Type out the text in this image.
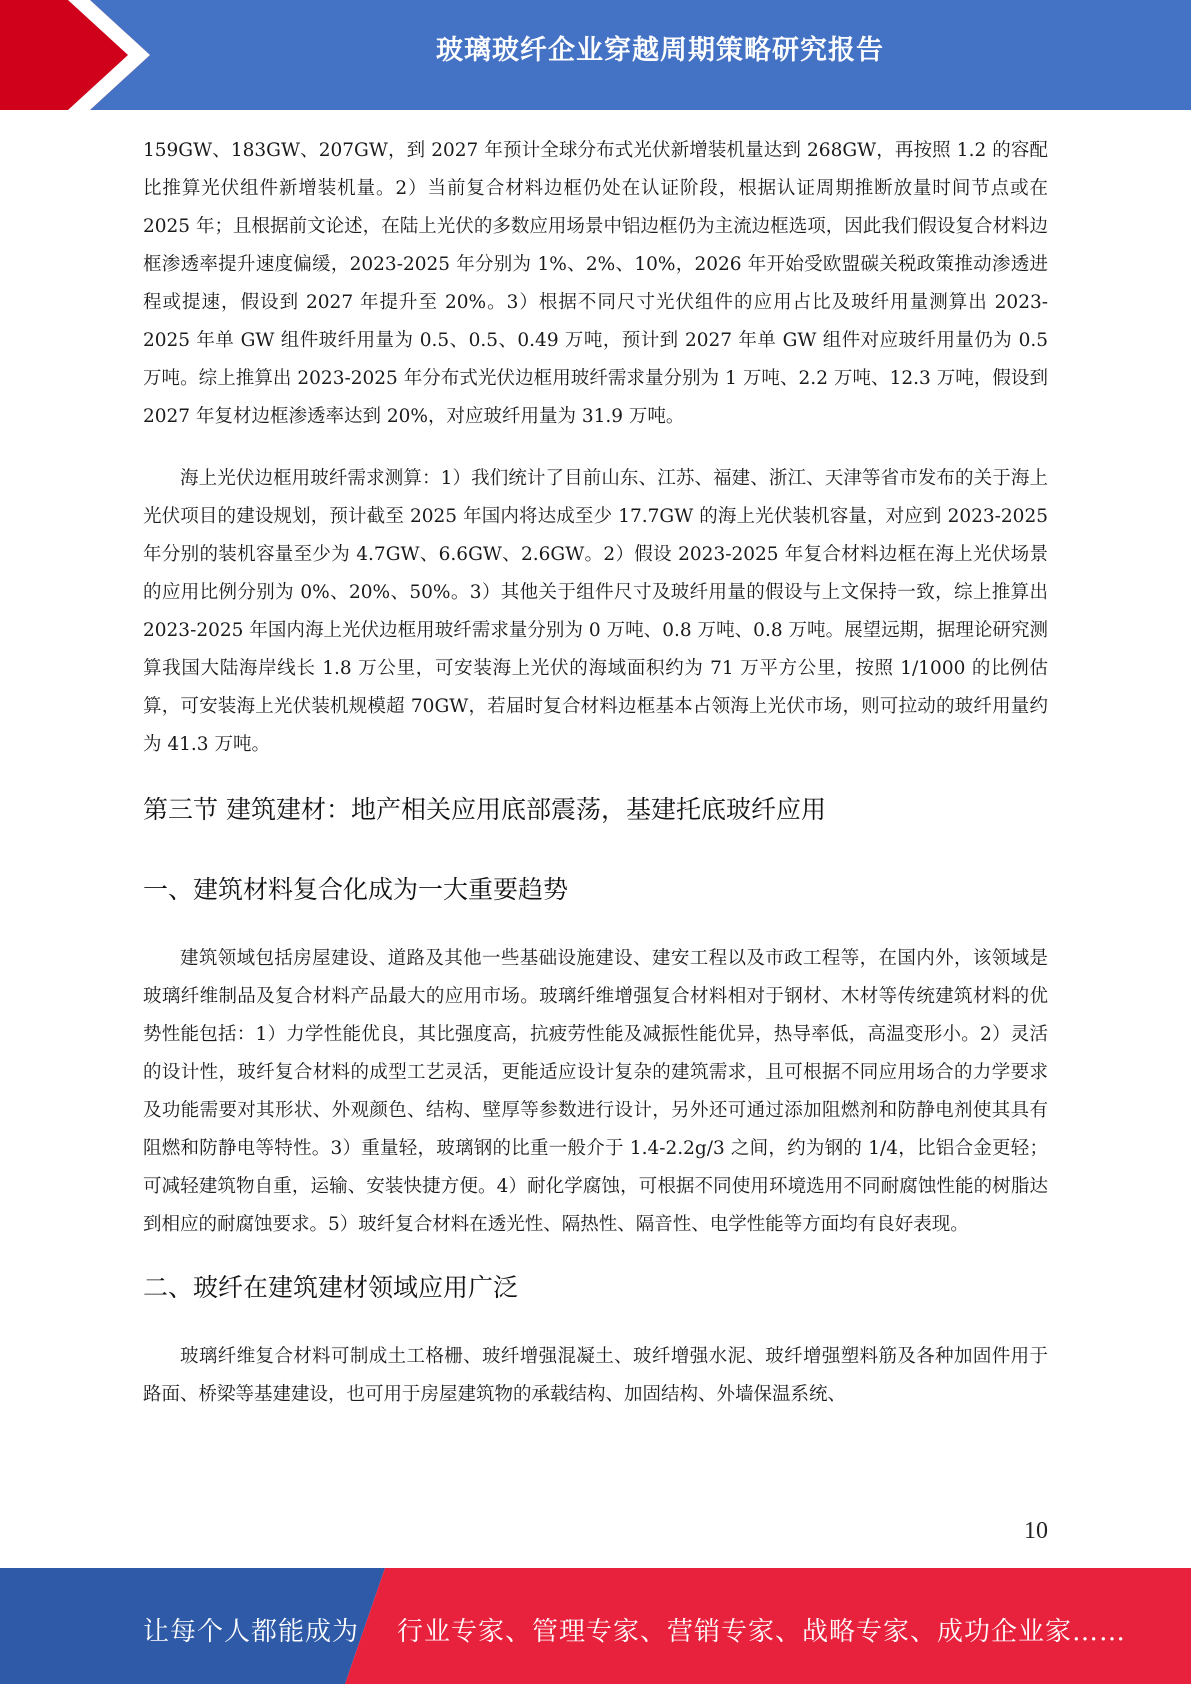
玻璃玻纤企业穿越周期策略研究报告

159GW、183GW、207GW，到 2027 年预计全球分布式光伏新增装机量达到 268GW，再按照 1.2 的容配比推算光伏组件新增装机量。2）当前复合材料边框仍处在认证阶段，根据认证周期推断放量时间节点或在 2025 年；且根据前文论述，在陆上光伏的多数应用场景中铝边框仍为主流边框选项，因此我们假设复合材料边框渗透率提升速度偏缓，2023-2025 年分别为 1%、2%、10%，2026 年开始受欧盟碳关税政策推动渗透进程或提速，假设到 2027 年提升至 20%。3）根据不同尺寸光伏组件的应用占比及玻纤用量测算出 2023-2025 年单 GW 组件玻纤用量为 0.5、0.5、0.49 万吨，预计到 2027 年单 GW 组件对应玻纤用量仍为 0.5 万吨。综上推算出 2023-2025 年分布式光伏边框用玻纤需求量分别为 1 万吨、2.2 万吨、12.3 万吨，假设到 2027 年复材边框渗透率达到 20%，对应玻纤用量为 31.9 万吨。

海上光伏边框用玻纤需求测算：1）我们统计了目前山东、江苏、福建、浙江、天津等省市发布的关于海上光伏项目的建设规划，预计截至 2025 年国内将达成至少 17.7GW 的海上光伏装机容量，对应到 2023-2025 年分别的装机容量至少为 4.7GW、6.6GW、2.6GW。2）假设 2023-2025 年复合材料边框在海上光伏场景的应用比例分别为 0%、20%、50%。3）其他关于组件尺寸及玻纤用量的假设与上文保持一致，综上推算出 2023-2025 年国内海上光伏边框用玻纤需求量分别为 0 万吨、0.8 万吨、0.8 万吨。展望远期，据理论研究测算我国大陆海岸线长 1.8 万公里，可安装海上光伏的海域面积约为 71 万平方公里，按照 1/1000 的比例估算，可安装海上光伏装机规模超 70GW，若届时复合材料边框基本占领海上光伏市场，则可拉动的玻纤用量约为 41.3 万吨。

第三节 建筑建材：地产相关应用底部震荡，基建托底玻纤应用
一、建筑材料复合化成为一大重要趋势

建筑领域包括房屋建设、道路及其他一些基础设施建设、建安工程以及市政工程等，在国内外，该领域是玻璃纤维制品及复合材料产品最大的应用市场。玻璃纤维增强复合材料相对于钢材、木材等传统建筑材料的优势性能包括：1）力学性能优良，其比强度高，抗疲劳性能及减振性能优异，热导率低，高温变形小。2）灵活的设计性，玻纤复合材料的成型工艺灵活，更能适应设计复杂的建筑需求，且可根据不同应用场合的力学要求及功能需要对其形状、外观颜色、结构、壁厚等参数进行设计，另外还可通过添加阻燃剂和防静电剂使其具有阻燃和防静电等特性。3）重量轻，玻璃钢的比重一般介于 1.4-2.2g/3 之间，约为钢的 1/4，比铝合金更轻；可减轻建筑物自重，运输、安装快捷方便。4）耐化学腐蚀，可根据不同使用环境选用不同耐腐蚀性能的树脂达到相应的耐腐蚀要求。5）玻纤复合材料在透光性、隔热性、隔音性、电学性能等方面均有良好表现。

二、玻纤在建筑建材领域应用广泛

玻璃纤维复合材料可制成土工格栅、玻纤增强混凝土、玻纤增强水泥、玻纤增强塑料筋及各种加固件用于路面、桥梁等基建建设，也可用于房屋建筑物的承载结构、加固结构、外墙保温系统、

10
让每个人都能成为 行业专家、管理专家、营销专家、战略专家、成功企业家……
